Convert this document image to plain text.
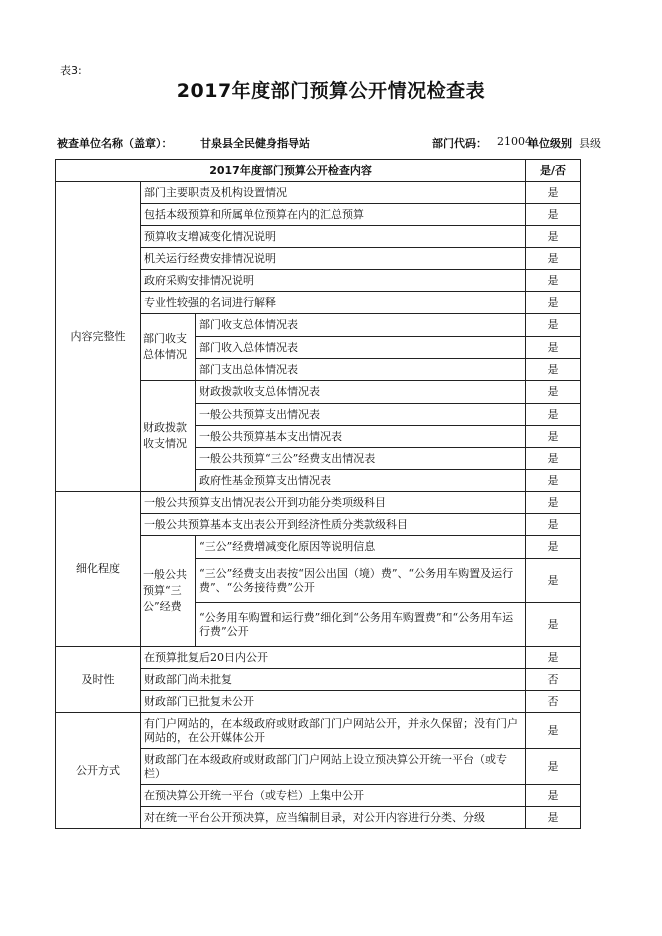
表3:
2017年度部门预算公开情况检查表
被查单位名称（盖章）：	甘泉县全民健身指导站	部门代码： 21004
单位级别
：县级
2017年度部门预算公开检查内容			是/否
内容完整性	部门主要职责及机构设置情况		是
	包括本级预算和所属单位预算在内的汇总预算		是
	预算收支增减变化情况说明		是
	机关运行经费安排情况说明		是
	政府采购安排情况说明		是
	专业性较强的名词进行解释		是
	部门收支总体情况	部门收支总体情况表	是
		部门收入总体情况表	是
		部门支出总体情况表	是
	财政拨款收支情况	财政拨款收支总体情况表	是
		一般公共预算支出情况表	是
		一般公共预算基本支出情况表	是
		一般公共预算“三公”经费支出情况表	是
		政府性基金预算支出情况表	是
细化程度	一般公共预算支出情况表公开到功能分类项级科目		是
	一般公共预算基本支出表公开到经济性质分类款级科目		是
	一般公共预算“三公”经费	“三公”经费增减变化原因等说明信息	是
		“三公”经费支出表按“因公出国（境）费”、“公务用车购置及运行费”、“公务接待费”公开	是
		“公务用车购置和运行费”细化到“公务用车购置费”和“公务用车运行费”公开	是
及时性	在预算批复后20日内公开		是
	财政部门尚未批复		否
	财政部门已批复未公开		否
公开方式	有门户网站的，在本级政府或财政部门门户网站公开，并永久保留；没有门户网站的，在公开媒体公开		是
	财政部门在本级政府或财政部门门户网站上设立预决算公开统一平台（或专栏）		是
	在预决算公开统一平台（或专栏）上集中公开		是
	对在统一平台公开预决算，应当编制目录，对公开内容进行分类、分级		是
